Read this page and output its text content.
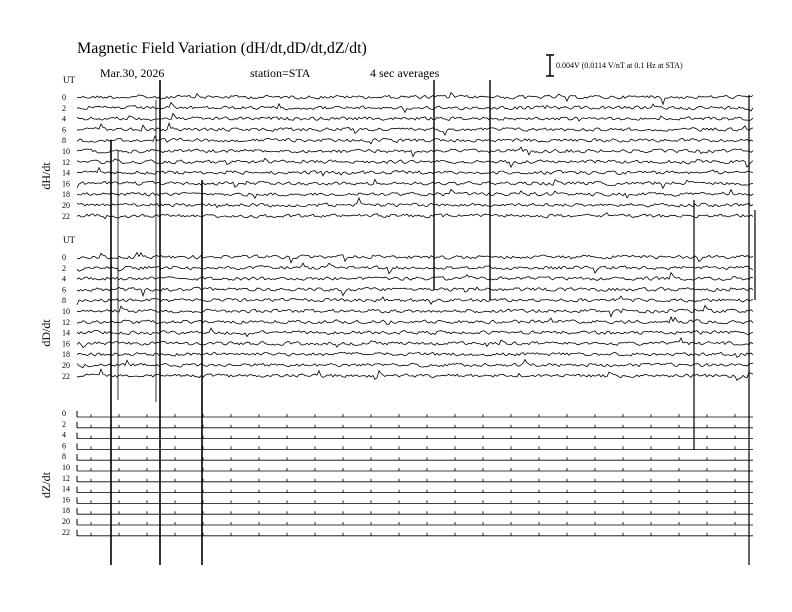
Magnetic Field Variation (dH/dt,dD/dt,dZ/dt)
Mar.30, 2026	station=STA	4 sec averages
0.004V (0.0114 V/nT at 0.1 Hz at STA)
UT
UT
dH/dt
dD/dt
dZ/dt
0
2
4
6
8
10
12
14
16
18
20
22
0
2
4
6
8
10
12
14
16
18
20
22
0
2
4
6
8
10
12
14
16
18
20
22
